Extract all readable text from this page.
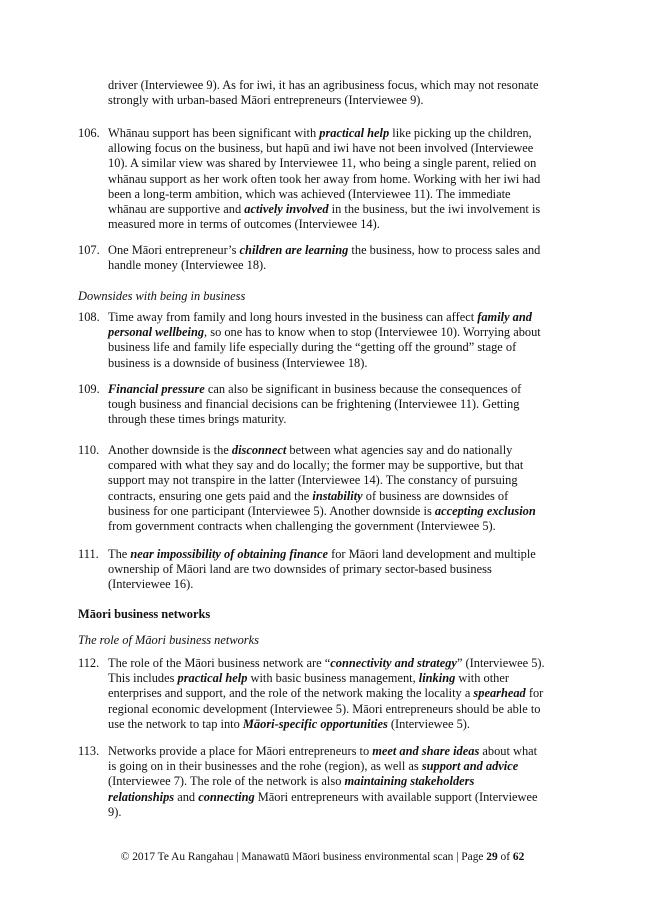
driver (Interviewee 9). As for iwi, it has an agribusiness focus, which may not resonate
strongly with urban-based Māori entrepreneurs (Interviewee 9).
106. Whānau support has been significant with practical help like picking up the children,
allowing focus on the business, but hapū and iwi have not been involved (Interviewee
10). A similar view was shared by Interviewee 11, who being a single parent, relied on
whānau support as her work often took her away from home. Working with her iwi had
been a long-term ambition, which was achieved (Interviewee 11). The immediate
whānau are supportive and actively involved in the business, but the iwi involvement is
measured more in terms of outcomes (Interviewee 14).
107. One Māori entrepreneur’s children are learning the business, how to process sales and
handle money (Interviewee 18).
Downsides with being in business
108. Time away from family and long hours invested in the business can affect family and
personal wellbeing, so one has to know when to stop (Interviewee 10). Worrying about
business life and family life especially during the “getting off the ground” stage of
business is a downside of business (Interviewee 18).
109. Financial pressure can also be significant in business because the consequences of
tough business and financial decisions can be frightening (Interviewee 11). Getting
through these times brings maturity.
110. Another downside is the disconnect between what agencies say and do nationally
compared with what they say and do locally; the former may be supportive, but that
support may not transpire in the latter (Interviewee 14). The constancy of pursuing
contracts, ensuring one gets paid and the instability of business are downsides of
business for one participant (Interviewee 5). Another downside is accepting exclusion
from government contracts when challenging the government (Interviewee 5).
111. The near impossibility of obtaining finance for Māori land development and multiple
ownership of Māori land are two downsides of primary sector-based business
(Interviewee 16).
Māori business networks
The role of Māori business networks
112. The role of the Māori business network are “connectivity and strategy” (Interviewee 5).
This includes practical help with basic business management, linking with other
enterprises and support, and the role of the network making the locality a spearhead for
regional economic development (Interviewee 5). Māori entrepreneurs should be able to
use the network to tap into Māori-specific opportunities (Interviewee 5).
113. Networks provide a place for Māori entrepreneurs to meet and share ideas about what
is going on in their businesses and the rohe (region), as well as support and advice
(Interviewee 7). The role of the network is also maintaining stakeholders
relationships and connecting Māori entrepreneurs with available support (Interviewee
9).
© 2017 Te Au Rangahau | Manawatū Māori business environmental scan | Page 29 of 62
